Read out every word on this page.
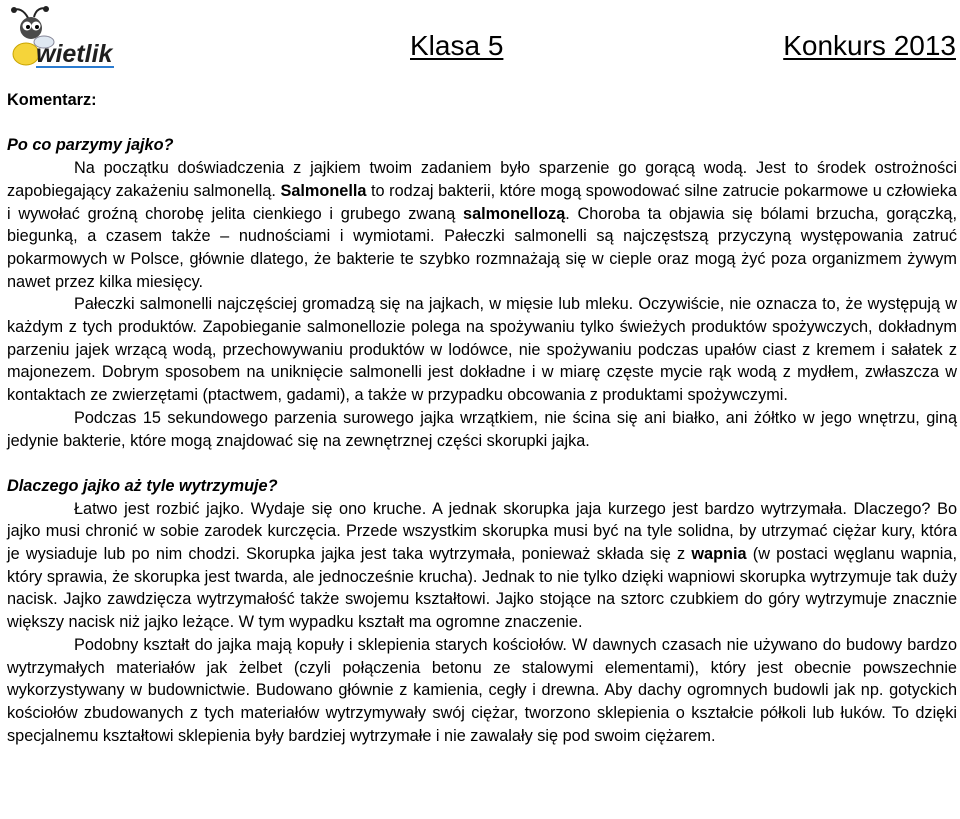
wietlik	Klasa 5	Konkurs 2013

Komentarz:

Po co parzymy jajko?

Na początku doświadczenia z jajkiem twoim zadaniem było sparzenie go gorącą wodą. Jest to środek ostrożności zapobiegający zakażeniu salmonellą. Salmonella to rodzaj bakterii, które mogą spowodować silne zatrucie pokarmowe u człowieka i wywołać groźną chorobę jelita cienkiego i grubego zwaną salmonellozą. Choroba ta objawia się bólami brzucha, gorączką, biegunką, a czasem także – nudnościami i wymiotami. Pałeczki salmonelli są najczęstszą przyczyną występowania zatruć pokarmowych w Polsce, głównie dlatego, że bakterie te szybko rozmnażają się w cieple oraz mogą żyć poza organizmem żywym nawet przez kilka miesięcy.

Pałeczki salmonelli najczęściej gromadzą się na jajkach, w mięsie lub mleku. Oczywiście, nie oznacza to, że występują w każdym z tych produktów. Zapobieganie salmonellozie polega na spożywaniu tylko świeżych produktów spożywczych, dokładnym parzeniu jajek wrzącą wodą, przechowywaniu produktów w lodówce, nie spożywaniu podczas upałów ciast z kremem i sałatek z majonezem. Dobrym sposobem na uniknięcie salmonelli jest dokładne i w miarę częste mycie rąk wodą z mydłem, zwłaszcza w kontaktach ze zwierzętami (ptactwem, gadami), a także w przypadku obcowania z produktami spożywczymi.

Podczas 15 sekundowego parzenia surowego jajka wrzątkiem, nie ścina się ani białko, ani żółtko w jego wnętrzu, giną jedynie bakterie, które mogą znajdować się na zewnętrznej części skorupki jajka.

Dlaczego jajko aż tyle wytrzymuje?

Łatwo jest rozbić jajko. Wydaje się ono kruche. A jednak skorupka jaja kurzego jest bardzo wytrzymała. Dlaczego? Bo jajko musi chronić w sobie zarodek kurczęcia. Przede wszystkim skorupka musi być na tyle solidna, by utrzymać ciężar kury, która je wysiaduje lub po nim chodzi. Skorupka jajka jest taka wytrzymała, ponieważ składa się z wapnia (w postaci węglanu wapnia, który sprawia, że skorupka jest twarda, ale jednocześnie krucha). Jednak to nie tylko dzięki wapniowi skorupka wytrzymuje tak duży nacisk. Jajko zawdzięcza wytrzymałość także swojemu kształtowi. Jajko stojące na sztorc czubkiem do góry wytrzymuje znacznie większy nacisk niż jajko leżące. W tym wypadku kształt ma ogromne znaczenie.

Podobny kształt do jajka mają kopuły i sklepienia starych kościołów. W dawnych czasach nie używano do budowy bardzo wytrzymałych materiałów jak żelbet (czyli połączenia betonu ze stalowymi elementami), który jest obecnie powszechnie wykorzystywany w budownictwie. Budowano głównie z kamienia, cegły i drewna. Aby dachy ogromnych budowli jak np. gotyckich kościołów zbudowanych z tych materiałów wytrzymywały swój ciężar, tworzono sklepienia o kształcie półkoli lub łuków. To dzięki specjalnemu kształtowi sklepienia były bardziej wytrzymałe i nie zawalały się pod swoim ciężarem.
